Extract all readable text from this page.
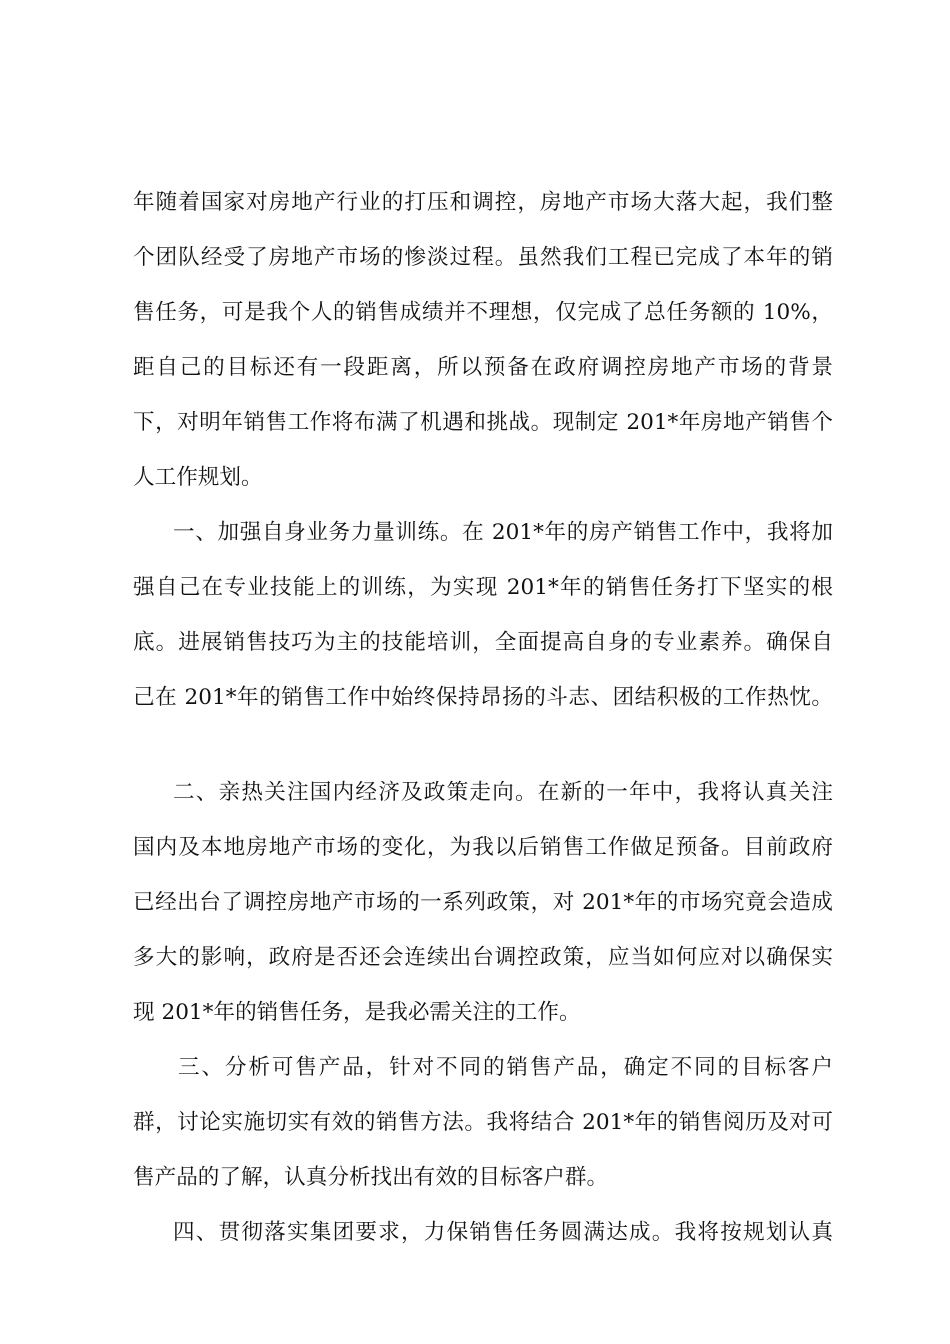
年随着国家对房地产行业的打压和调控，房地产市场大落大起，我们整
个团队经受了房地产市场的惨淡过程。虽然我们工程已完成了本年的销
售任务，可是我个人的销售成绩并不理想，仅完成了总任务额的 10%，
距自己的目标还有一段距离，所以预备在政府调控房地产市场的背景
下，对明年销售工作将布满了机遇和挑战。现制定 201*年房地产销售个
人工作规划。
一、加强自身业务力量训练。在 201*年的房产销售工作中，我将加
强自己在专业技能上的训练，为实现 201*年的销售任务打下坚实的根
底。进展销售技巧为主的技能培训，全面提高自身的专业素养。确保自
己在 201*年的销售工作中始终保持昂扬的斗志、团结积极的工作热忱。
二、亲热关注国内经济及政策走向。在新的一年中，我将认真关注
国内及本地房地产市场的变化，为我以后销售工作做足预备。目前政府
已经出台了调控房地产市场的一系列政策，对 201*年的市场究竟会造成
多大的影响，政府是否还会连续出台调控政策，应当如何应对以确保实
现 201*年的销售任务，是我必需关注的工作。
三、分析可售产品，针对不同的销售产品，确定不同的目标客户
群，讨论实施切实有效的销售方法。我将结合 201*年的销售阅历及对可
售产品的了解，认真分析找出有效的目标客户群。
四、贯彻落实集团要求，力保销售任务圆满达成。我将按规划认真
